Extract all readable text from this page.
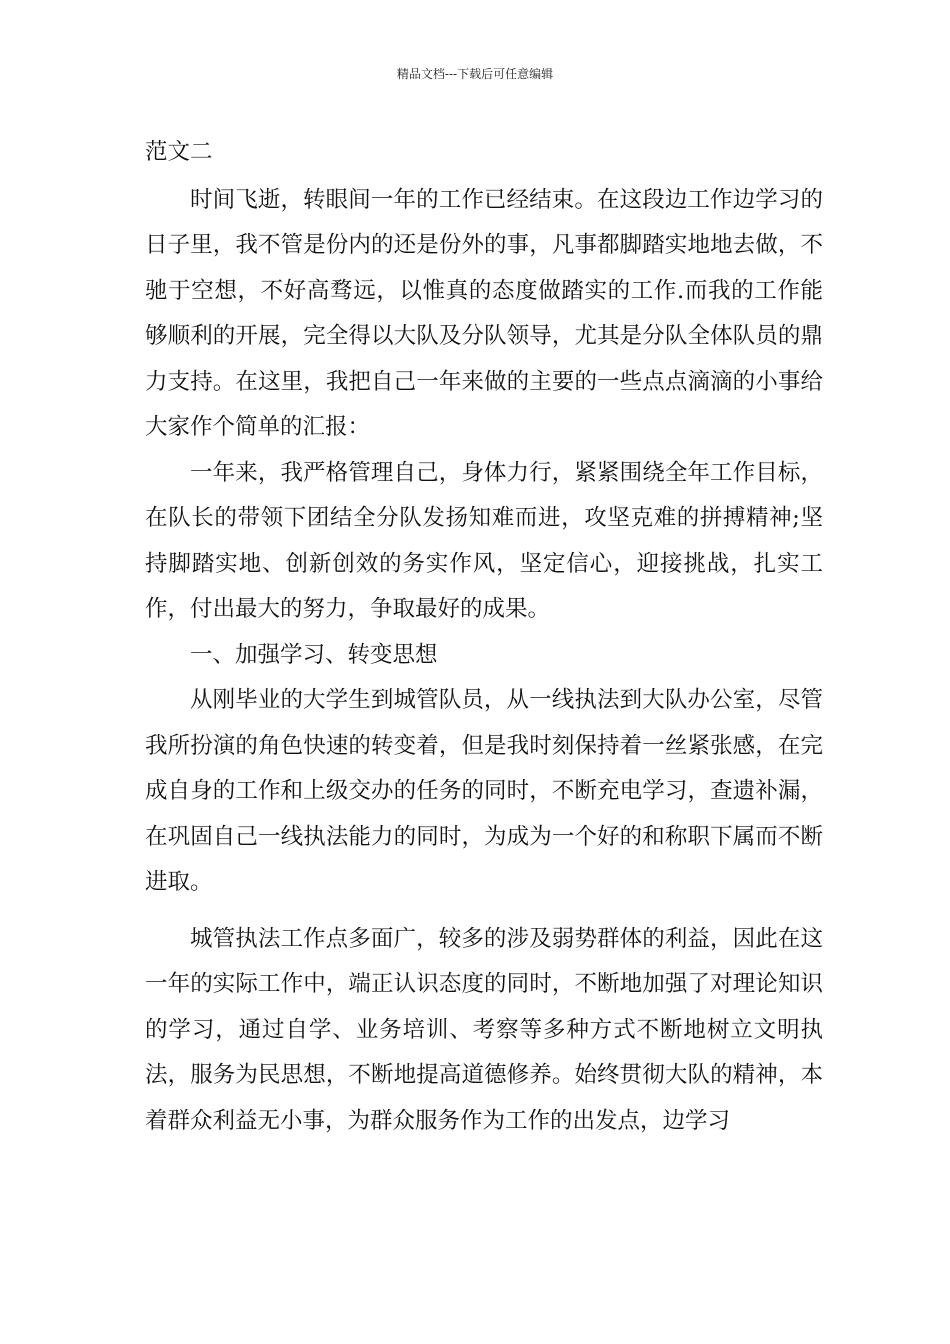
精品文档---下载后可任意编辑

范文二

时间飞逝，转眼间一年的工作已经结束。在这段边工作边学习的日子里，我不管是份内的还是份外的事，凡事都脚踏实地地去做，不驰于空想，不好高骛远，以惟真的态度做踏实的工作.而我的工作能够顺利的开展，完全得以大队及分队领导，尤其是分队全体队员的鼎力支持。在这里，我把自己一年来做的主要的一些点点滴滴的小事给大家作个简单的汇报：

一年来，我严格管理自己，身体力行，紧紧围绕全年工作目标，在队长的带领下团结全分队发扬知难而进，攻坚克难的拼搏精神;坚持脚踏实地、创新创效的务实作风，坚定信心，迎接挑战，扎实工作，付出最大的努力，争取最好的成果。

一、加强学习、转变思想

从刚毕业的大学生到城管队员，从一线执法到大队办公室，尽管我所扮演的角色快速的转变着，但是我时刻保持着一丝紧张感，在完成自身的工作和上级交办的任务的同时，不断充电学习，查遗补漏，在巩固自己一线执法能力的同时，为成为一个好的和称职下属而不断进取。

城管执法工作点多面广，较多的涉及弱势群体的利益，因此在这一年的实际工作中，端正认识态度的同时，不断地加强了对理论知识的学习，通过自学、业务培训、考察等多种方式不断地树立文明执法，服务为民思想，不断地提高道德修养。始终贯彻大队的精神，本着群众利益无小事，为群众服务作为工作的出发点，边学习
